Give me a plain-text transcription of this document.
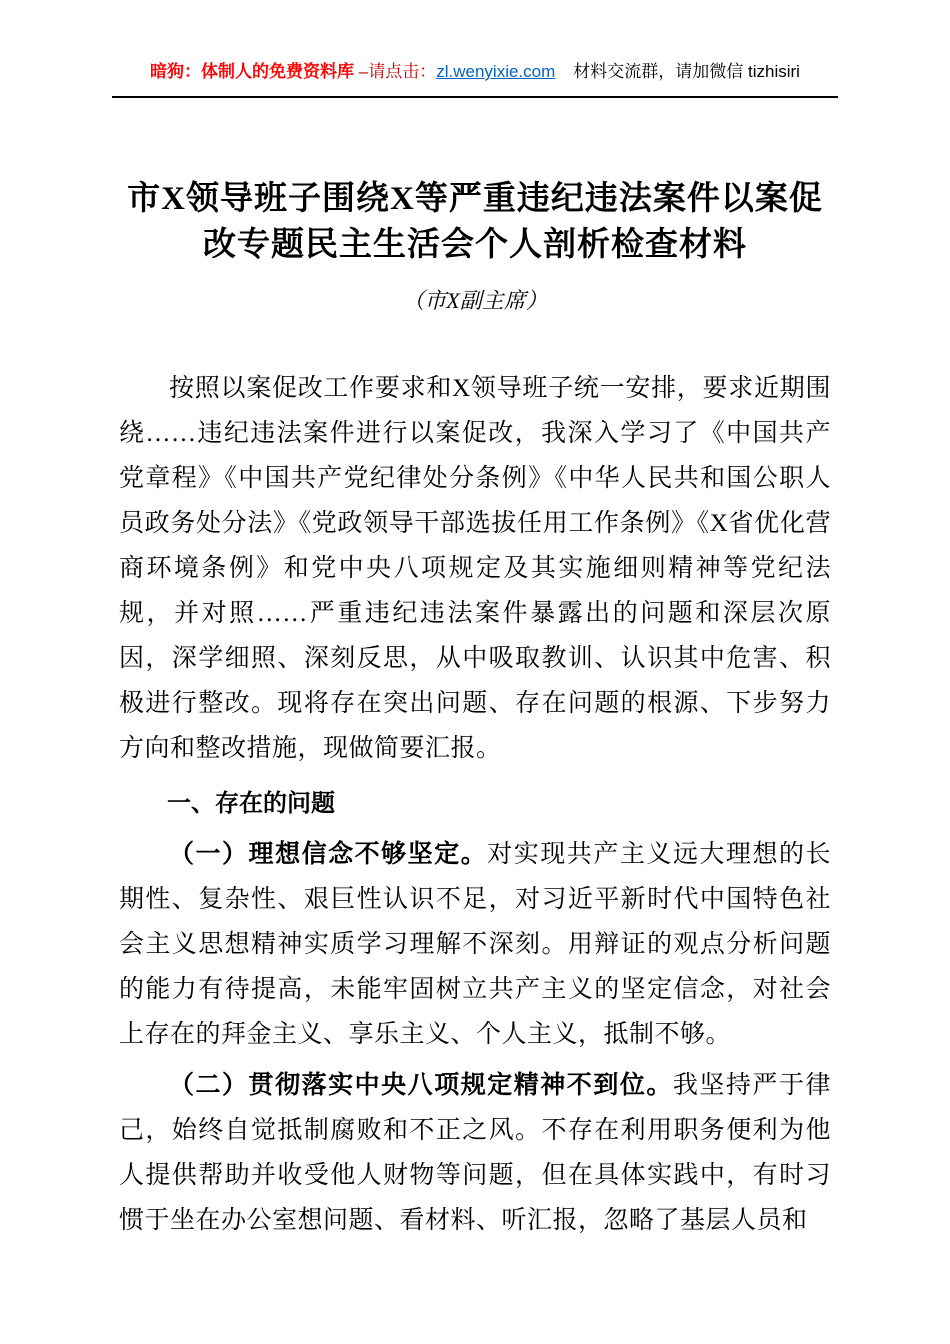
暗狗：体制人的免费资料库 –请点击：zl.wenyixie.com 材料交流群，请加微信 tizhisiri
市X领导班子围绕X等严重违纪违法案件以案促改专题民主生活会个人剖析检查材料
（市X副主席）

按照以案促改工作要求和X领导班子统一安排，要求近期围绕……违纪违法案件进行以案促改，我深入学习了《中国共产党章程》《中国共产党纪律处分条例》《中华人民共和国公职人员政务处分法》《党政领导干部选拔任用工作条例》《X省优化营商环境条例》和党中央八项规定及其实施细则精神等党纪法规，并对照……严重违纪违法案件暴露出的问题和深层次原因，深学细照、深刻反思，从中吸取教训、认识其中危害、积极进行整改。现将存在突出问题、存在问题的根源、下步努力方向和整改措施，现做简要汇报。

一、存在的问题

（一）理想信念不够坚定。对实现共产主义远大理想的长期性、复杂性、艰巨性认识不足，对习近平新时代中国特色社会主义思想精神实质学习理解不深刻。用辩证的观点分析问题的能力有待提高，未能牢固树立共产主义的坚定信念，对社会上存在的拜金主义、享乐主义、个人主义，抵制不够。

（二）贯彻落实中央八项规定精神不到位。我坚持严于律己，始终自觉抵制腐败和不正之风。不存在利用职务便利为他人提供帮助并收受他人财物等问题，但在具体实践中，有时习惯于坐在办公室想问题、看材料、听汇报，忽略了基层人员和
